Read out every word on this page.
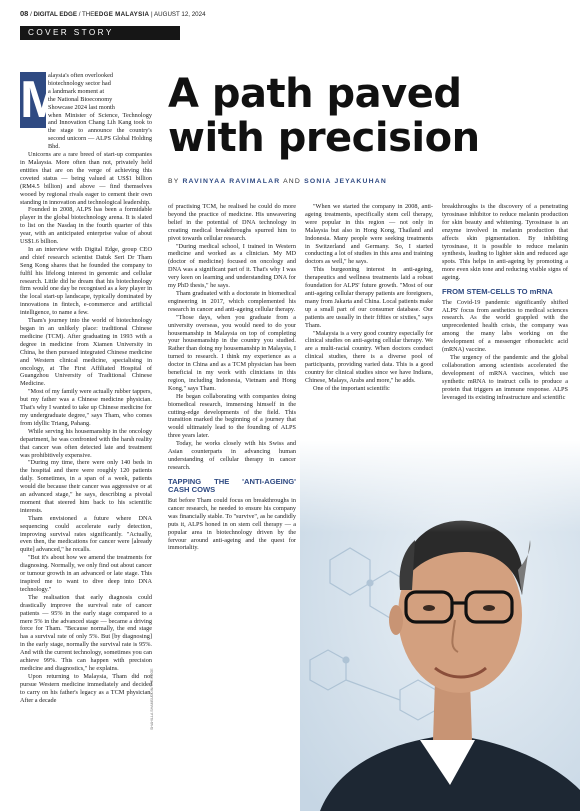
08 / DIGITAL EDGE / THEEDGE MALAYSIA | AUGUST 12, 2024
COVER STORY
M

alaysia's often overlooked

biotechnology sector had

a landmark moment at

the National Bioeconomy

Showcase 2024 last month

when Minister of Science, Technology and Innovation Chang Lih Kang took to the stage to announce the country's second unicorn — ALPS Global Holding Bhd.

Unicorns are a rare breed of start-up companies in Malaysia. More often than not, privately held entities that are on the verge of achieving this coveted status — being valued at US$1 billion (RM4.5 billion) and above — find themselves wooed by regional rivals eager to cement their own standing in innovation and technological leadership.

Founded in 2008, ALPS has been a formidable player in the global biotechnology arena. It is slated to list on the Nasdaq in the fourth quarter of this year, with an anticipated enterprise value of about US$1.6 billion.

In an interview with Digital Edge, group CEO and chief research scientist Datuk Seri Dr Tham Seng Kong shares that he founded the company to fulfil his lifelong interest in genomic and cellular research. Little did he dream that his biotechnology firm would one day be recognised as a key player in the local start-up landscape, typically dominated by innovations in fintech, e-commerce and artificial intelligence, to name a few.

Tham's journey into the world of biotechnology began in an unlikely place: traditional Chinese medicine (TCM). After graduating in 1993 with a degree in medicine from Xiamen University in China, he then pursued integrated Chinese medicine and Western clinical medicine, specialising in oncology, at The First Affiliated Hospital of Guangzhou University of Traditional Chinese Medicine.

"Most of my family were actually rubber tappers, but my father was a Chinese medicine physician. That's why I wanted to take up Chinese medicine for my undergraduate degree," says Tham, who comes from idyllic Triang, Pahang.

While serving his housemanship in the oncology department, he was confronted with the harsh reality that cancer was often detected late and treatment was prohibitively expensive.

"During my time, there were only 140 beds in the hospital and there were roughly 120 patients daily. Sometimes, in a span of a week, patients would die because their cancer was aggressive or at an advanced stage," he says, describing a pivotal moment that steered him back to his scientific interests.

Tham envisioned a future where DNA sequencing could accelerate early detection, improving survival rates significantly. "Actually, even then, the medications for cancer were [already quite] advanced," he recalls.

"But it's about how we amend the treatments for diagnosing. Normally, we only find out about cancer or tumour growth in an advanced or late stage. This inspired me to want to dive deep into DNA technology."

The realisation that early diagnosis could drastically improve the survival rate of cancer patients — 95% in the early stage compared to a mere 5% in the advanced stage — became a driving force for Tham. "Because normally, the end stage has a survival rate of only 5%. But [by diagnosing] in the early stage, normally the survival rate is 95%. And with the current technology, sometimes you can achieve 99%. This can happen with precision medicine and diagnostics," he explains.

Upon returning to Malaysia, Tham did not pursue Western medicine immediately and decided to carry on his father's legacy as a TCM physician. After a decade

A path paved
with precision
BY RAVINYAA RAVIMALAR AND SONIA JEYAKUHAN

of practising TCM, he realised he could do more beyond the practice of medicine. His unwavering belief in the potential of DNA technology in creating medical breakthroughs spurred him to pivot towards cellular research.

"During medical school, I trained in Western medicine and worked as a clinician. My MD (doctor of medicine) focused on oncology and DNA was a significant part of it. That's why I was very keen on learning and understanding DNA for my PhD thesis," he says.

Tham graduated with a doctorate in biomedical engineering in 2017, which complemented his research in cancer and anti-ageing cellular therapy.

"Those days, when you graduate from a university overseas, you would need to do your housemanship in Malaysia on top of completing your housemanship in the country you studied. Rather than doing my housemanship in Malaysia, I turned to research. I think my experience as a doctor in China and as a TCM physician has been beneficial in my work with clinicians in this region, including Indonesia, Vietnam and Hong Kong," says Tham.

He began collaborating with companies doing biomedical research, immersing himself in the cutting-edge developments of the field. This transition marked the beginning of a journey that would ultimately lead to the founding of ALPS three years later.

Today, he works closely with his Swiss and Asian counterparts in advancing human understanding of cellular therapy in cancer research.

TAPPING THE 'ANTI-AGEING' CASH COWS

But before Tham could focus on breakthroughs in cancer research, he needed to ensure his company was financially stable. To "survive", as he candidly puts it, ALPS honed in on stem cell therapy — a popular area in biotechnology driven by the fervour around anti-ageing and the quest for immortality.

"When we started the company in 2008, anti-ageing treatments, specifically stem cell therapy, were popular in this region — not only in Malaysia but also in Hong Kong, Thailand and Indonesia. Many people were seeking treatments in Switzerland and Germany. So, I started conducting a lot of studies in this area and training doctors as well," he says.

This burgeoning interest in anti-ageing, therapeutics and wellness treatments laid a robust foundation for ALPS' future growth. "Most of our anti-ageing cellular therapy patients are foreigners, many from Jakarta and China. Local patients make up a small part of our consumer database. Our patients are usually in their fifties or sixties," says Tham.

"Malaysia is a very good country especially for clinical studies on anti-ageing cellular therapy. We are a multi-racial country. When doctors conduct clinical studies, there is a diverse pool of participants, providing varied data. This is a good country for clinical studies since we have Indians, Chinese, Malays, Arabs and more," he adds.

One of the important scientific

breakthroughs is the discovery of a penetrating tyrosinase inhibitor to reduce melanin production for skin beauty and whitening. Tyrosinase is an enzyme involved in melanin production that affects skin pigmentation. By inhibiting tyrosinase, it is possible to reduce melanin synthesis, leading to lighter skin and reduced age spots. This helps in anti-ageing by promoting a more even skin tone and reducing visible signs of ageing.

FROM STEM-CELLS TO mRNA

The Covid-19 pandemic significantly shifted ALPS' focus from aesthetics to medical sciences research. As the world grappled with the unprecedented health crisis, the company was among the many labs working on the development of a messenger ribonucleic acid (mRNA) vaccine.

The urgency of the pandemic and the global collaboration among scientists accelerated the development of mRNA vaccines, which use synthetic mRNA to instruct cells to produce a protein that triggers an immune response. ALPS leveraged its existing infrastructure and scientific

SHAHILLA SHAMSUDDIN/THE EDGE
